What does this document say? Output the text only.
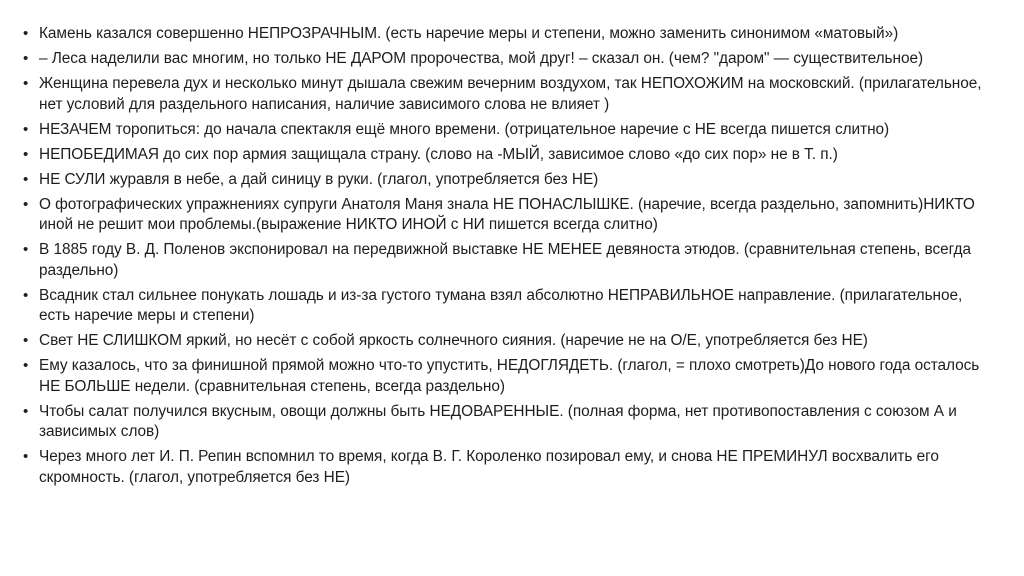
• Камень казался совершенно НЕПРОЗРАЧНЫМ. (есть наречие меры и степени, можно заменить синонимом «матовый»)
• – Леса наделили вас многим, но только НЕ ДАРОМ пророчества, мой друг! – сказал он. (чем? "даром" — существительное)
• Женщина перевела дух и несколько минут дышала свежим вечерним воздухом, так НЕПОХОЖИМ на московский. (прилагательное, нет условий для раздельного написания, наличие зависимого слова не влияет )
• НЕЗАЧЕМ торопиться: до начала спектакля ещё много времени. (отрицательное наречие с НЕ всегда пишется слитно)
• НЕПОБЕДИМАЯ до сих пор армия защищала страну. (слово на -МЫЙ, зависимое слово «до сих пор» не в Т. п.)
• НЕ СУЛИ журавля в небе, а дай синицу в руки. (глагол, употребляется без НЕ)
• О фотографических упражнениях супруги Анатоля Маня знала НЕ ПОНАСЛЫШКЕ. (наречие, всегда раздельно, запомнить)НИКТО иной не решит мои проблемы.(выражение НИКТО ИНОЙ с НИ пишется всегда слитно)
• В 1885 году В. Д. Поленов экспонировал на передвижной выставке НЕ МЕНЕЕ девяноста этюдов. (сравнительная степень, всегда раздельно)
• Всадник стал сильнее понукать лошадь и из-за густого тумана взял абсолютно НЕПРАВИЛЬНОЕ направление. (прилагательное, есть наречие меры и степени)
• Свет НЕ СЛИШКОМ яркий, но несёт с собой яркость солнечного сияния. (наречие не на О/Е, употребляется без НЕ)
• Ему казалось, что за финишной прямой можно что-то упустить, НЕДОГЛЯДЕТЬ. (глагол, = плохо смотреть)До нового года осталось НЕ БОЛЬШЕ недели. (сравнительная степень, всегда раздельно)
• Чтобы салат получился вкусным, овощи должны быть НЕДОВАРЕННЫЕ. (полная форма, нет противопоставления с союзом А и зависимых слов)
• Через много лет И. П. Репин вспомнил то время, когда В. Г. Короленко позировал ему, и снова НЕ ПРЕМИНУЛ восхвалить его скромность. (глагол, употребляется без НЕ)
